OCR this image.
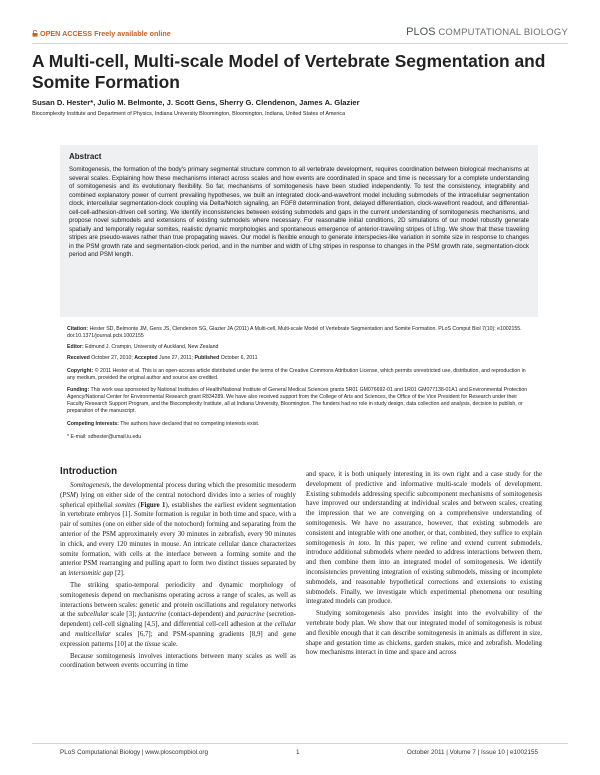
OPEN ACCESS Freely available online	PLOS COMPUTATIONAL BIOLOGY
A Multi-cell, Multi-scale Model of Vertebrate Segmentation and Somite Formation
Susan D. Hester*, Julio M. Belmonte, J. Scott Gens, Sherry G. Clendenon, James A. Glazier
Biocomplexity Institute and Department of Physics, Indiana University Bloomington, Bloomington, Indiana, United States of America
Abstract
Somitogenesis, the formation of the body's primary segmental structure common to all vertebrate development, requires coordination between biological mechanisms at several scales. Explaining how these mechanisms interact across scales and how events are coordinated in space and time is necessary for a complete understanding of somitogenesis and its evolutionary flexibility. So far, mechanisms of somitogenesis have been studied independently. To test the consistency, integrability and combined explanatory power of current prevailing hypotheses, we built an integrated clock-and-wavefront model including submodels of the intracellular segmentation clock, intercellular segmentation-clock coupling via Delta/Notch signaling, an FGF8 determination front, delayed differentiation, clock-wavefront readout, and differential-cell-cell-adhesion-driven cell sorting. We identify inconsistencies between existing submodels and gaps in the current understanding of somitogenesis mechanisms, and propose novel submodels and extensions of existing submodels where necessary. For reasonable initial conditions, 2D simulations of our model robustly generate spatially and temporally regular somites, realistic dynamic morphologies and spontaneous emergence of anterior-traveling stripes of Lfng. We show that these traveling stripes are pseudo-waves rather than true propagating waves. Our model is flexible enough to generate interspecies-like variation in somite size in response to changes in the PSM growth rate and segmentation-clock period, and in the number and width of Lfng stripes in response to changes in the PSM growth rate, segmentation-clock period and PSM length.
Citation: Hester SD, Belmonte JM, Gens JS, Clendenon SG, Glazier JA (2011) A Multi-cell, Multi-scale Model of Vertebrate Segmentation and Somite Formation. PLoS Comput Biol 7(10): e1002155. doi:10.1371/journal.pcbi.1002155
Editor: Edmund J. Crampin, University of Auckland, New Zealand
Received October 27, 2010; Accepted June 27, 2011; Published October 6, 2011
Copyright: © 2011 Hester et al. This is an open-access article distributed under the terms of the Creative Commons Attribution License, which permits unrestricted use, distribution, and reproduction in any medium, provided the original author and source are credited.
Funding: This work was sponsored by National Institutes of Health/National Institute of General Medical Sciences grants 5R01 GM076692-01 and 1R01 GM077138-01A1 and Environmental Protection Agency/National Center for Environmental Research grant R834289. We have also received support from the College of Arts and Sciences, the Office of the Vice President for Research under their Faculty Research Support Program, and the Biocomplexity Institute, all at Indiana University, Bloomington. The funders had no role in study design, data collection and analysis, decision to publish, or preparation of the manuscript.
Competing Interests: The authors have declared that no competing interests exist.
* E-mail: sdhester@umail.iu.edu
Introduction

Somitogenesis, the developmental process during which the presomitic mesoderm (PSM) lying on either side of the central notochord divides into a series of roughly spherical epithelial somites (Figure 1), establishes the earliest evident segmentation in vertebrate embryos [1]. Somite formation is regular in both time and space, with a pair of somites (one on either side of the notochord) forming and separating from the anterior of the PSM approximately every 30 minutes in zebrafish, every 90 minutes in chick, and every 120 minutes in mouse. An intricate cellular dance characterizes somite formation, with cells at the interface between a forming somite and the anterior PSM rearranging and pulling apart to form two distinct tissues separated by an intersomitic gap [2].

The striking spatio-temporal periodicity and dynamic morphology of somitogenesis depend on mechanisms operating across a range of scales, as well as interactions between scales: genetic and protein oscillations and regulatory networks at the subcellular scale [3]; juxtacrine (contact-dependent) and paracrine (secretion-dependent) cell-cell signaling [4,5], and differential cell-cell adhesion at the cellular and multicellular scales [6,7]; and PSM-spanning gradients [8,9] and gene expression patterns [10] at the tissue scale.

Because somitogenesis involves interactions between many scales as well as coordination between events occurring in time

and space, it is both uniquely interesting in its own right and a case study for the development of predictive and informative multi-scale models of development. Existing submodels addressing specific subcomponent mechanisms of somitogenesis have improved our understanding at individual scales and between scales, creating the impression that we are converging on a comprehensive understanding of somitogenesis. We have no assurance, however, that existing submodels are consistent and integrable with one another, or that, combined, they suffice to explain somitogenesis in toto. In this paper, we refine and extend current submodels, introduce additional submodels where needed to address interactions between them, and then combine them into an integrated model of somitogenesis. We identify inconsistencies preventing integration of existing submodels, missing or incomplete submodels, and reasonable hypothetical corrections and extensions to existing submodels. Finally, we investigate which experimental phenomena our resulting integrated models can produce.

Studying somitogenesis also provides insight into the evolvability of the vertebrate body plan. We show that our integrated model of somitogenesis is robust and flexible enough that it can describe somitogenesis in animals as different in size, shape and gestation time as chickens, garden snakes, mice and zebrafish. Modeling how mechanisms interact in time and space and across

PLoS Computational Biology | www.ploscompbiol.org	1	October 2011 | Volume 7 | Issue 10 | e1002155
